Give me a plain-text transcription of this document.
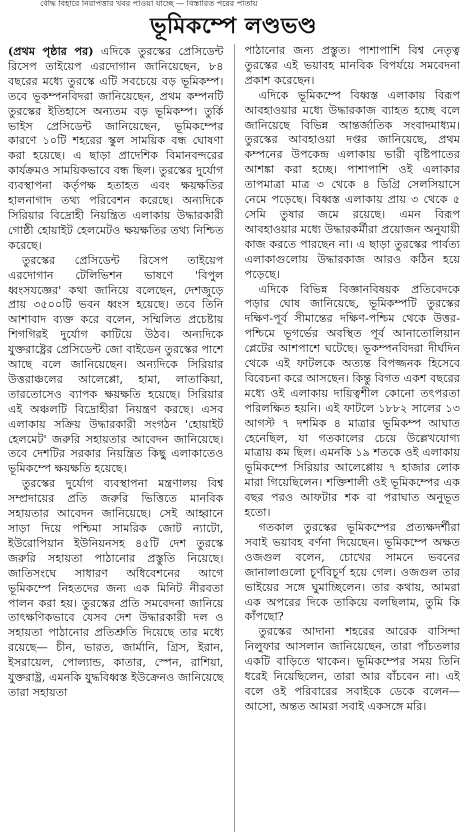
বৌদ্ধ বিহারে নিরাপত্তার খবর পাওয়া যাচ্ছে — বিস্তারিত পরের পাতায়
ভূমিকম্পে লণ্ডভণ্ড

(প্রথম পৃষ্ঠার পর) এদিকে তুরস্কের প্রেসিডেন্ট রিসেপ তাইয়েপ এরদোগান জানিয়েছেন, ৮৪ বছরের মধ্যে তুরস্কে এটি সবচেয়ে বড় ভূমিকম্প। তবে ভূকম্পনবিদরা জানিয়েছেন, প্রথম কম্পনটি তুরস্কের ইতিহাসে অন্যতম বড় ভূমিকম্প। তুর্কি ভাইস প্রেসিডেন্ট জানিয়েছেন, ভূমিকম্পের কারণে ১০টি শহরের স্কুল সাময়িক বন্ধ ঘোষণা করা হয়েছে। এ ছাড়া প্রাদেশিক বিমানবন্দরের কার্যক্রমও সাময়িকভাবে বন্ধ ছিল। তুরস্কের দুর্যোগ ব্যবস্থাপনা কর্তৃপক্ষ হতাহত এবং ক্ষয়ক্ষতির হালনাগাদ তথ্য পরিবেশন করেছে। অন্যদিকে সিরিয়ার বিদ্রোহী নিয়ন্ত্রিত এলাকায় উদ্ধারকারী গোষ্ঠী হোয়াইট হেলমেটও ক্ষয়ক্ষতির তথ্য নিশ্চিত করেছে।

তুরস্কের প্রেসিডেন্ট রিসেপ তাইয়েপ এরদোগান টেলিভিশন ভাষণে 'বিপুল ধ্বংসযজ্ঞের' কথা জানিয়ে বলেছেন, দেশজুড়ে প্রায় ৩৫০০টি ভবন ধ্বংস হয়েছে। তবে তিনি আশাবাদ ব্যক্ত করে বলেন, সম্মিলিত প্রচেষ্টায় শিগগিরই দুর্যোগ কাটিয়ে উঠব। অন্যদিকে যুক্তরাষ্ট্রের প্রেসিডেন্ট জো বাইডেন তুরস্কের পাশে আছে বলে জানিয়েছেন। অন্যদিকে সিরিয়ার উত্তরাঞ্চলের আলেপ্পো, হামা, লাতাকিয়া, তারতোসেও ব্যাপক ক্ষয়ক্ষতি হয়েছে। সিরিয়ার এই অঞ্চলটি বিদ্রোহীরা নিয়ন্ত্রণ করছে। এসব এলাকায় সক্রিয় উদ্ধারকারী সংগঠন 'হোয়াইট হেলমেট' জরুরি সহায়তার আবেদন জানিয়েছে। তবে দেশটির সরকার নিয়ন্ত্রিত কিছু এলাকাতেও ভূমিকম্পে ক্ষয়ক্ষতি হয়েছে।

তুরস্কের দুর্যোগ ব্যবস্থাপনা মন্ত্রণালয় বিশ্ব সম্প্রদায়ের প্রতি জরুরি ভিত্তিতে মানবিক সহায়তার আবেদন জানিয়েছে। সেই আহ্বানে সাড়া দিয়ে পশ্চিমা সামরিক জোট ন্যাটো, ইউরোপিয়ান ইউনিয়নসহ ৪৫টি দেশ তুরস্কে জরুরি সহায়তা পাঠানোর প্রস্তুতি নিয়েছে। জাতিসংঘে সাধারণ অধিবেশনের আগে ভূমিকম্পে নিহতদের জন্য এক মিনিট নীরবতা পালন করা হয়। তুরস্কের প্রতি সমবেদনা জানিয়ে তাৎক্ষণিকভাবে যেসব দেশ উদ্ধারকারী দল ও সহায়তা পাঠানোর প্রতিশ্রুতি দিয়েছে তার মধ্যে রয়েছে— চীন, ভারত, জার্মানি, গ্রিস, ইরান, ইসরায়েল, পোল্যান্ড, কাতার, স্পেন, রাশিয়া, যুক্তরাষ্ট্র, এমনকি যুদ্ধবিধ্বস্ত ইউক্রেনও জানিয়েছে তারা সহায়তা

পাঠানোর জন্য প্রস্তুত। পাশাপাশি বিশ্ব নেতৃত্ব তুরস্কের এই ভয়াবহ মানবিক বিপর্যয়ে সমবেদনা প্রকাশ করেছেন।

এদিকে ভূমিকম্পে বিধ্বস্ত এলাকায় বিরূপ আবহাওয়ার মধ্যে উদ্ধারকাজ ব্যাহত হচ্ছে বলে জানিয়েছে বিভিন্ন আন্তর্জাতিক সংবাদমাধ্যম। তুরস্কের আবহাওয়া দপ্তর জানিয়েছে, প্রথম কম্পনের উপকেন্দ্র এলাকায় ভারী বৃষ্টিপাতের আশঙ্কা করা হচ্ছে। পাশাপাশি ওই এলাকার তাপমাত্রা মাত্র ৩ থেকে ৪ ডিগ্রি সেলসিয়াসে নেমে পড়েছে। বিধ্বস্ত এলাকায় প্রায় ৩ থেকে ৫ সেমি তুষার জমে রয়েছে। এমন বিরূপ আবহাওয়ার মধ্যে উদ্ধারকর্মীরা প্রয়োজন অনুযায়ী কাজ করতে পারছেন না। এ ছাড়া তুরস্কের পার্বত্য এলাকাগুলোয় উদ্ধারকাজ আরও কঠিন হয়ে পড়েছে।

এদিকে বিভিন্ন বিজ্ঞানবিষয়ক প্রতিবেদকে পড়ার ঘোষ জানিয়েছে, ভূমিকম্পটি তুরস্কের দক্ষিণ-পূর্ব সীমান্তের দক্ষিণ-পশ্চিম থেকে উত্তর-পশ্চিমে ভূগর্ভের অবস্থিত পূর্ব আনাতোলিয়ান প্লেটের আশপাশে ঘটেছে। ভূকম্পনবিদরা দীর্ঘদিন থেকে এই ফাটলকে অত্যন্ত বিপজ্জনক হিসেবে বিবেচনা করে আসছেন। কিন্তু বিগত একশ বছরের মধ্যে ওই এলাকায় দায়িত্বশীল কোনো তৎপরতা পরিলক্ষিত হয়নি। এই ফাটলে ১৮৮২ সালের ১৩ আগস্ট ৭ দশমিক ৪ মাত্রার ভূমিকম্প আঘাত হেনেছিল, যা গতকালের চেয়ে উল্লেখযোগ্য মাত্রায় কম ছিল। এমনকি ১৯ শতকে ওই এলাকায় ভূমিকম্পে সিরিয়ার আলেপ্পোয় ৭ হাজার লোক মারা গিয়েছিলেন। শক্তিশালী ওই ভূমিকম্পের এক বছর পরও আফটার শক বা পরাঘাত অনুভূত হতো।

গতকাল তুরস্কের ভূমিকম্পের প্রত্যক্ষদর্শীরা সবাই ভয়াবহ বর্ণনা দিয়েছেন। ভূমিকম্পে অক্ষত ওজগুল বলেন, চোখের সামনে ভবনের জানালাগুলো চূর্ণবিচূর্ণ হয়ে গেল। ওজগুল তার ভাইয়ের সঙ্গে ঘুমাচ্ছিলেন। তার কথায়, আমরা এক অপরের দিকে তাকিয়ে বলছিলাম, তুমি কি কাঁপছো?

তুরস্কের আদানা শহরের আরেক বাসিন্দা নিলুফার আসলান জানিয়েছেন, তারা পাঁচতলার একটি বাড়িতে থাকেন। ভূমিকম্পের সময় তিনি ধরেই নিয়েছিলেন, তারা আর বাঁচবেন না। এই বলে ওই পরিবারের সবাইকে ডেকে বলেন— আসো, অন্তত আমরা সবাই একসঙ্গে মরি।
